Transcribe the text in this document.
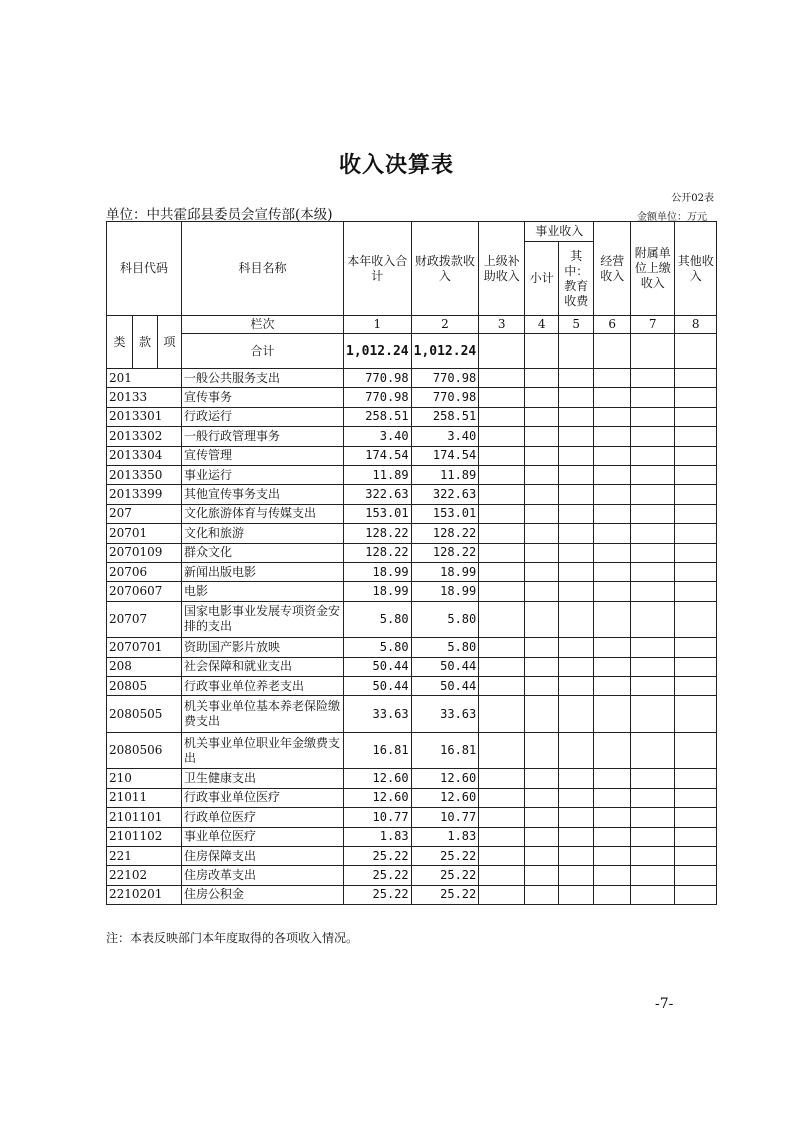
收入决算表
公开02表
单位：中共霍邱县委员会宣传部(本级)	金额单位：万元
科目代码			科目名称	本年收入合计	财政拨款收入	上级补助收入	事业收入		经营收入	附属单位上缴收入	其他收入
							小计	其中：教育收费			
类	款	项	栏次	1	2	3	4	5	6	7	8
			合计	1,012.24	1,012.24						
201			一般公共服务支出	770.98	770.98						
20133			宣传事务	770.98	770.98						
2013301			行政运行	258.51	258.51						
2013302			一般行政管理事务	3.40	3.40						
2013304			宣传管理	174.54	174.54						
2013350			事业运行	11.89	11.89						
2013399			其他宣传事务支出	322.63	322.63						
207			文化旅游体育与传媒支出	153.01	153.01						
20701			文化和旅游	128.22	128.22						
2070109			群众文化	128.22	128.22						
20706			新闻出版电影	18.99	18.99						
2070607			电影	18.99	18.99						
20707			国家电影事业发展专项资金安排的支出	5.80	5.80						
2070701			资助国产影片放映	5.80	5.80						
208			社会保障和就业支出	50.44	50.44						
20805			行政事业单位养老支出	50.44	50.44						
2080505			机关事业单位基本养老保险缴费支出	33.63	33.63						
2080506			机关事业单位职业年金缴费支出	16.81	16.81						
210			卫生健康支出	12.60	12.60						
21011			行政事业单位医疗	12.60	12.60						
2101101			行政单位医疗	10.77	10.77						
2101102			事业单位医疗	1.83	1.83						
221			住房保障支出	25.22	25.22						
22102			住房改革支出	25.22	25.22						
2210201			住房公积金	25.22	25.22						
注：本表反映部门本年度取得的各项收入情况。
-7-
